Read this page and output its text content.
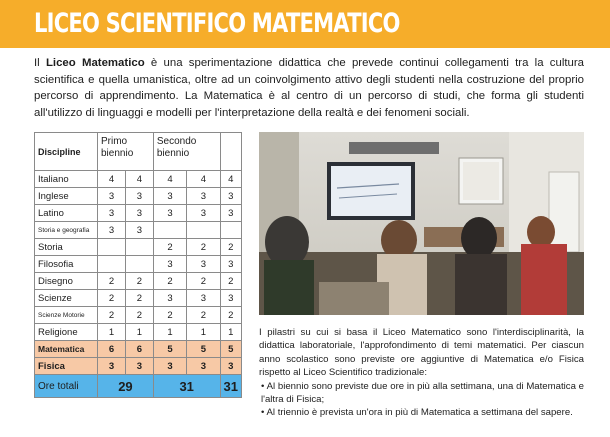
LICEO SCIENTIFICO MATEMATICO

Il Liceo Matematico è una sperimentazione didattica che prevede continui collegamenti tra la cultura scientifica e quella umanistica, oltre ad un coinvolgimento attivo degli studenti nella costruzione del proprio percorso di apprendimento. La Matematica è al centro di un percorso di studi, che forma gli studenti all'utilizzo di linguaggi e modelli per l'interpretazione della realtà e dei fenomeni sociali.

Discipline	Primo biennio		Secondo biennio		
Italiano	4	4	4	4	4
Inglese	3	3	3	3	3
Latino	3	3	3	3	3
Storia e geografia	3	3			
Storia			2	2	2
Filosofia			3	3	3
Disegno	2	2	2	2	2
Scienze	2	2	3	3	3
Scienze Motorie	2	2	2	2	2
Religione	1	1	1	1	1
Matematica	6	6	5	5	5
Fisica	3	3	3	3	3
Ore totali	29		31		31
I pilastri su cui si basa il Liceo Matematico sono l'interdisciplinarità, la didattica laboratoriale, l'approfondimento di temi matematici. Per ciascun anno scolastico sono previste ore aggiuntive di Matematica e/o Fisica rispetto al Liceo Scientifico tradizionale:
• Al biennio sono previste due ore in più alla settimana, una di Matematica e l'altra di Fisica;
• Al triennio è prevista un'ora in più di Matematica a settimana del sapere.
